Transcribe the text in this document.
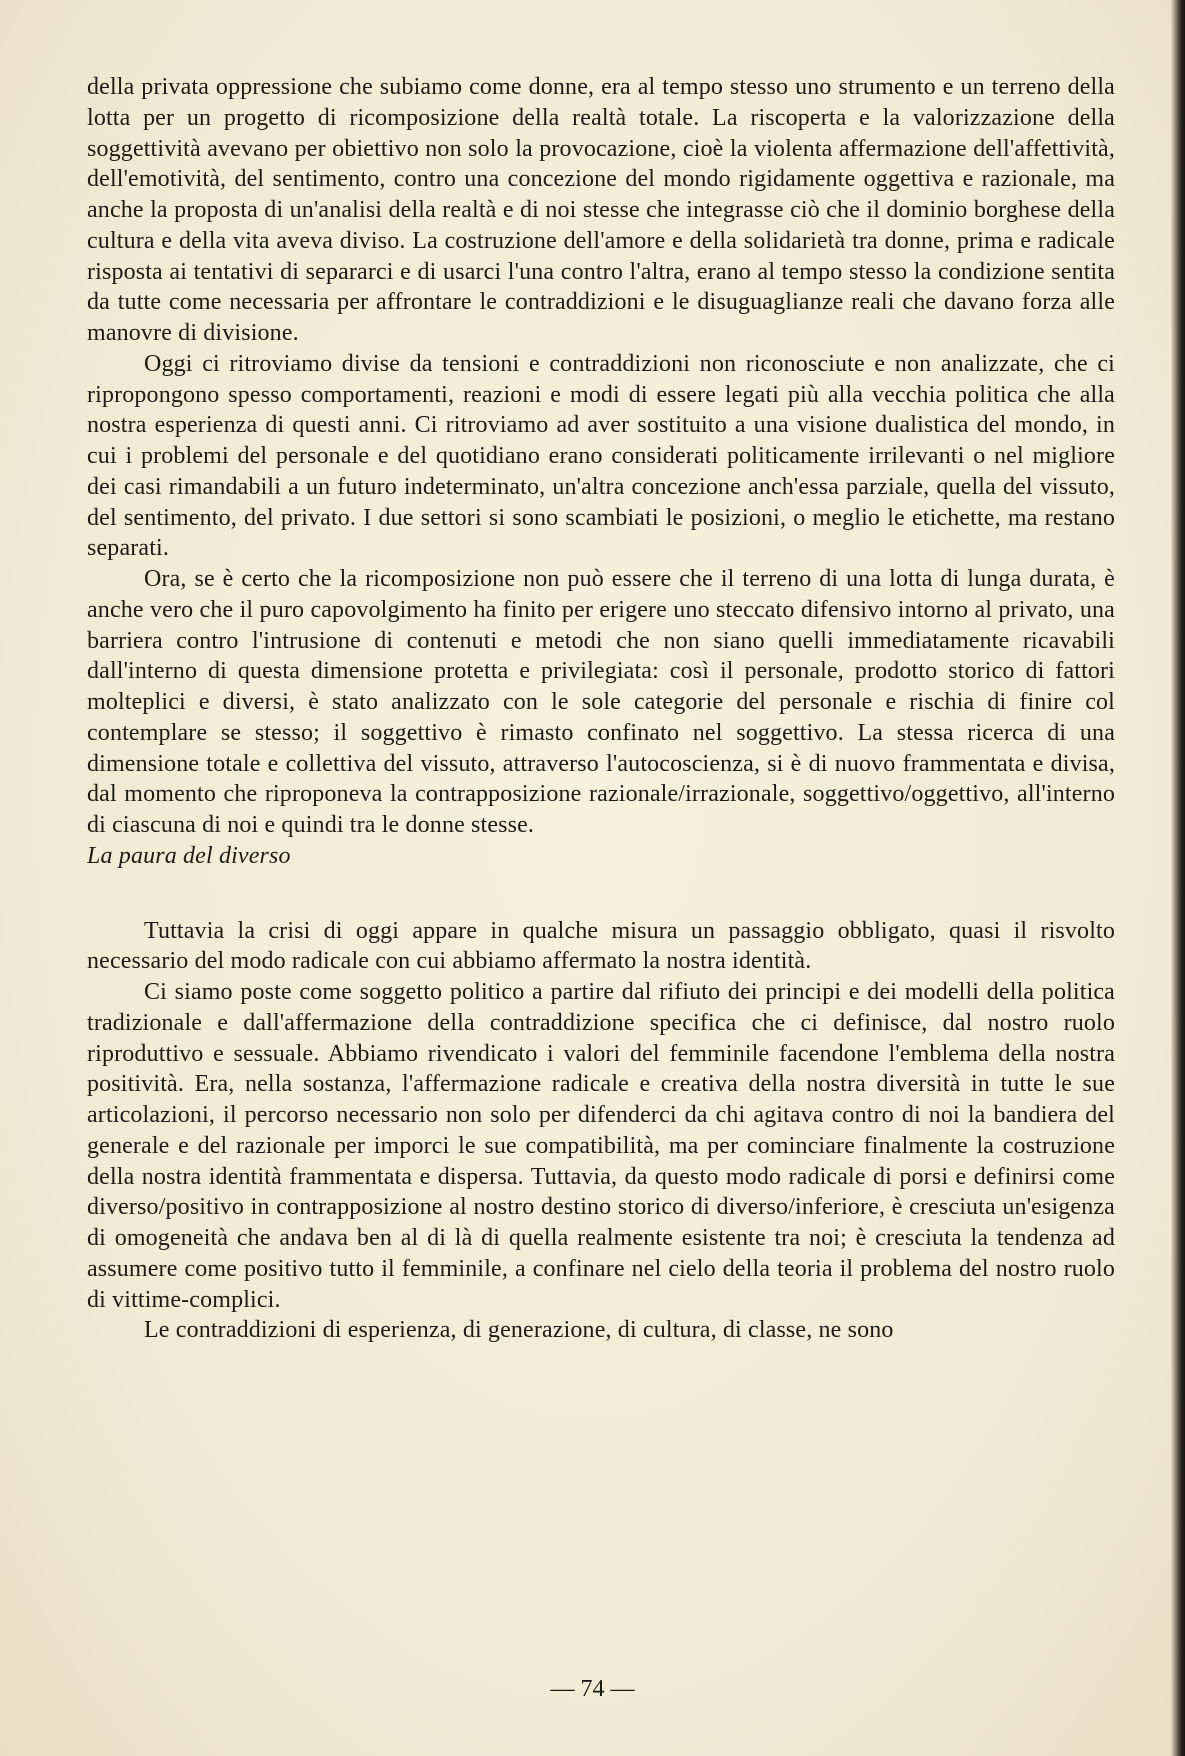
della privata oppressione che subiamo come donne, era al tempo stesso uno strumento e un terreno della lotta per un progetto di ricomposizione della realtà totale. La riscoperta e la valorizzazione della soggettività avevano per obiettivo non solo la provocazione, cioè la violenta affermazione dell'affettività, dell'emotività, del sentimento, contro una concezione del mondo rigidamente oggettiva e razionale, ma anche la proposta di un'analisi della realtà e di noi stesse che integrasse ciò che il dominio borghese della cultura e della vita aveva diviso. La costruzione dell'amore e della solidarietà tra donne, prima e radicale risposta ai tentativi di separarci e di usarci l'una contro l'altra, erano al tempo stesso la condizione sentita da tutte come necessaria per affrontare le contraddizioni e le disuguaglianze reali che davano forza alle manovre di divisione.

Oggi ci ritroviamo divise da tensioni e contraddizioni non riconosciute e non analizzate, che ci ripropongono spesso comportamenti, reazioni e modi di essere legati più alla vecchia politica che alla nostra esperienza di questi anni. Ci ritroviamo ad aver sostituito a una visione dualistica del mondo, in cui i problemi del personale e del quotidiano erano considerati politicamente irrilevanti o nel migliore dei casi rimandabili a un futuro indeterminato, un'altra concezione anch'essa parziale, quella del vissuto, del sentimento, del privato. I due settori si sono scambiati le posizioni, o meglio le etichette, ma restano separati.

Ora, se è certo che la ricomposizione non può essere che il terreno di una lotta di lunga durata, è anche vero che il puro capovolgimento ha finito per erigere uno steccato difensivo intorno al privato, una barriera contro l'intrusione di contenuti e metodi che non siano quelli immediatamente ricavabili dall'interno di questa dimensione protetta e privilegiata: così il personale, prodotto storico di fattori molteplici e diversi, è stato analizzato con le sole categorie del personale e rischia di finire col contemplare se stesso; il soggettivo è rimasto confinato nel soggettivo. La stessa ricerca di una dimensione totale e collettiva del vissuto, attraverso l'autocoscienza, si è di nuovo frammentata e divisa, dal momento che riproponeva la contrapposizione razionale/irrazionale, soggettivo/oggettivo, all'interno di ciascuna di noi e quindi tra le donne stesse.

La paura del diverso

Tuttavia la crisi di oggi appare in qualche misura un passaggio obbligato, quasi il risvolto necessario del modo radicale con cui abbiamo affermato la nostra identità.

Ci siamo poste come soggetto politico a partire dal rifiuto dei principi e dei modelli della politica tradizionale e dall'affermazione della contraddizione specifica che ci definisce, dal nostro ruolo riproduttivo e sessuale. Abbiamo rivendicato i valori del femminile facendone l'emblema della nostra positività. Era, nella sostanza, l'affermazione radicale e creativa della nostra diversità in tutte le sue articolazioni, il percorso necessario non solo per difenderci da chi agitava contro di noi la bandiera del generale e del razionale per imporci le sue compatibilità, ma per cominciare finalmente la costruzione della nostra identità frammentata e dispersa. Tuttavia, da questo modo radicale di porsi e definirsi come diverso/positivo in contrapposizione al nostro destino storico di diverso/inferiore, è cresciuta un'esigenza di omogeneità che andava ben al di là di quella realmente esistente tra noi; è cresciuta la tendenza ad assumere come positivo tutto il femminile, a confinare nel cielo della teoria il problema del nostro ruolo di vittime-complici.

Le contraddizioni di esperienza, di generazione, di cultura, di classe, ne sono

— 74 —
